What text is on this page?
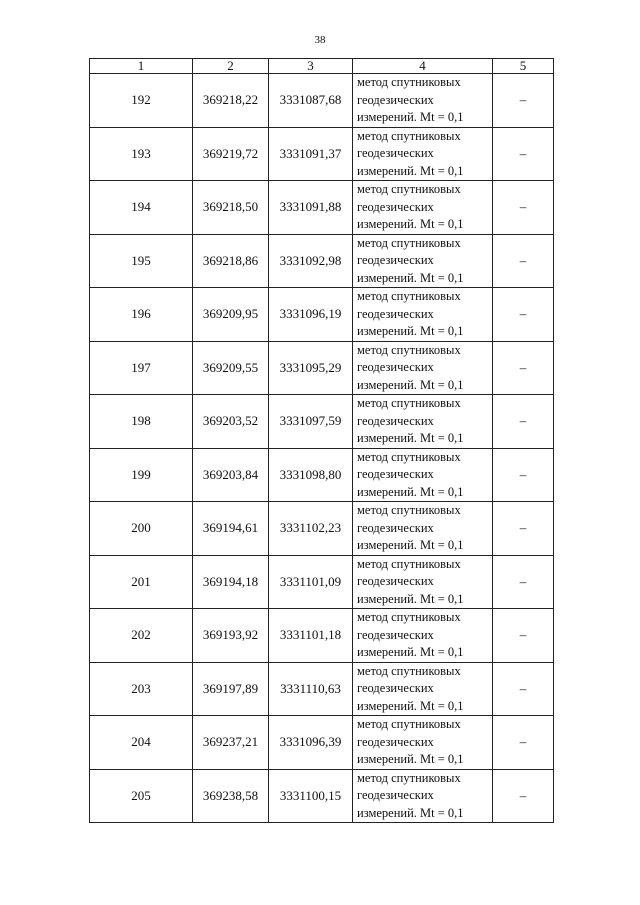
38
1	2	3	4	5
192	369218,22	3331087,68	метод спутниковых
геодезических
измерений. Mt = 0,1	–
193	369219,72	3331091,37	метод спутниковых
геодезических
измерений. Mt = 0,1	–
194	369218,50	3331091,88	метод спутниковых
геодезических
измерений. Mt = 0,1	–
195	369218,86	3331092,98	метод спутниковых
геодезических
измерений. Mt = 0,1	–
196	369209,95	3331096,19	метод спутниковых
геодезических
измерений. Mt = 0,1	–
197	369209,55	3331095,29	метод спутниковых
геодезических
измерений. Mt = 0,1	–
198	369203,52	3331097,59	метод спутниковых
геодезических
измерений. Mt = 0,1	–
199	369203,84	3331098,80	метод спутниковых
геодезических
измерений. Mt = 0,1	–
200	369194,61	3331102,23	метод спутниковых
геодезических
измерений. Mt = 0,1	–
201	369194,18	3331101,09	метод спутниковых
геодезических
измерений. Mt = 0,1	–
202	369193,92	3331101,18	метод спутниковых
геодезических
измерений. Mt = 0,1	–
203	369197,89	3331110,63	метод спутниковых
геодезических
измерений. Mt = 0,1	–
204	369237,21	3331096,39	метод спутниковых
геодезических
измерений. Mt = 0,1	–
205	369238,58	3331100,15	метод спутниковых
геодезических
измерений. Mt = 0,1	–
